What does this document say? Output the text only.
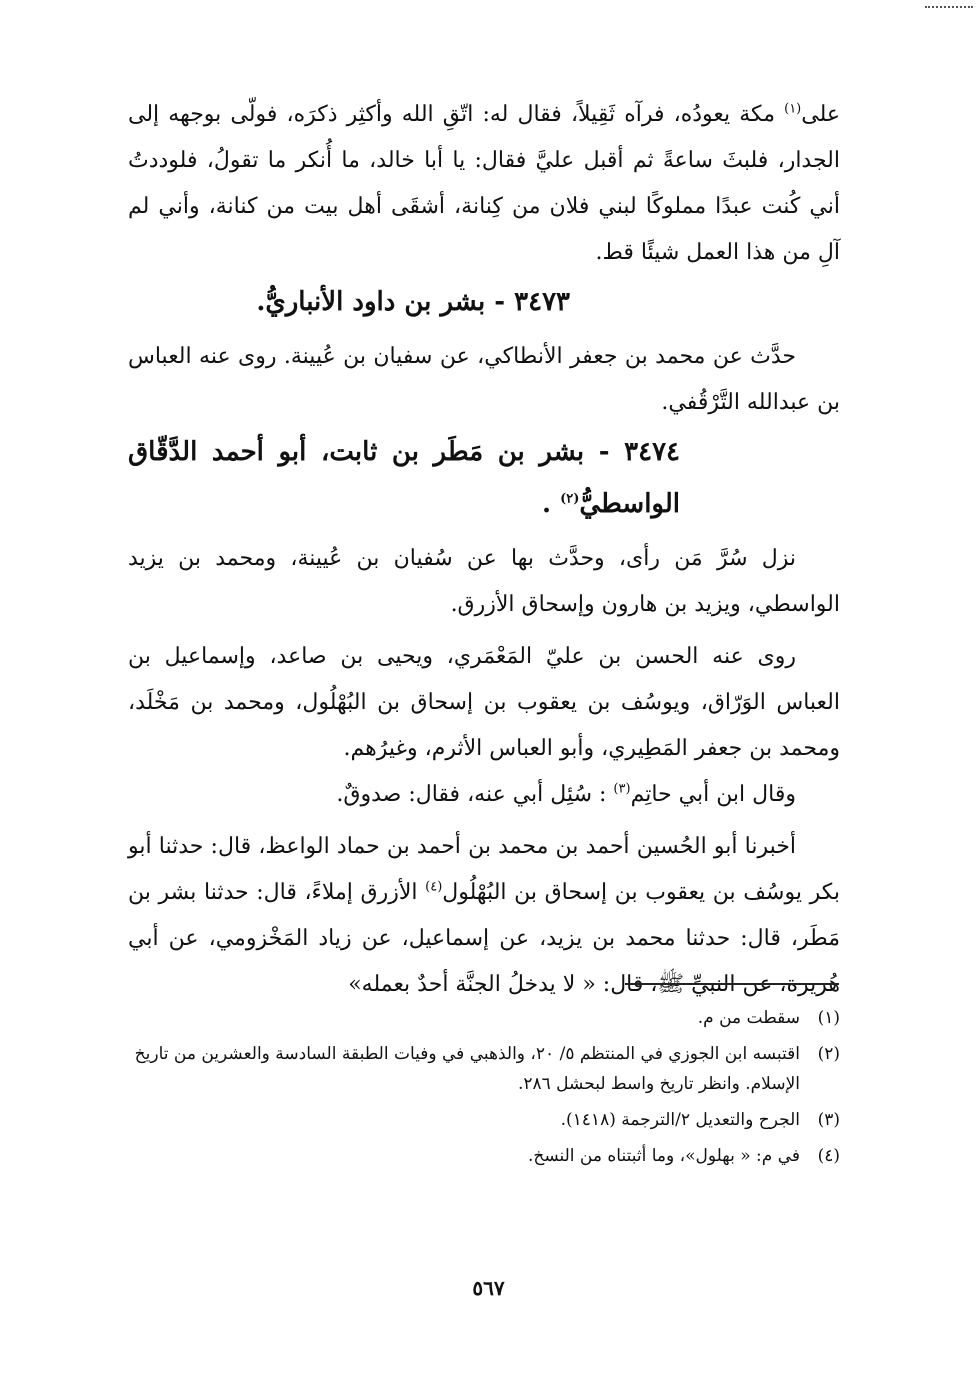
على$^{(١)}$ مكة يعودُه، فرآه ثَقِيلاً، فقال له: اتّقِ الله وأكثِر ذكرَه، فولّى بوجهه إلى الجدار، فلبثَ ساعةً ثم أقبل عليَّ فقال: يا أبا خالد، ما أُنكر ما تقولُ، فلوددتُ أني كُنت عبدًا مملوكًا لبني فلان من كِنانة، أشقَى أهل بيت من كنانة، وأني لم آلِ من هذا العمل شيئًا قط.

٣٤٧٣ - بشر بن داود الأنباريُّ.

حدَّث عن محمد بن جعفر الأنطاكي، عن سفيان بن عُيينة. روى عنه العباس بن عبدالله التَّرْقُفي.

٣٤٧٤ - بشر بن مَطَر بن ثابت، أبو أحمد الدَّقّاق الواسطيُّ$^{(٢)}$ .

نزل سُرَّ مَن رأى، وحدَّث بها عن سُفيان بن عُيينة، ومحمد بن يزيد الواسطي، ويزيد بن هارون وإسحاق الأزرق.

روى عنه الحسن بن عليّ المَعْمَري، ويحيى بن صاعد، وإسماعيل بن العباس الوَرّاق، ويوسُف بن يعقوب بن إسحاق بن البُهْلُول، ومحمد بن مَخْلَد، ومحمد بن جعفر المَطِيري، وأبو العباس الأثرم، وغيرُهم.

وقال ابن أبي حاتِم$^{(٣)}$ : سُئِل أبي عنه، فقال: صدوقٌ.

أخبرنا أبو الحُسين أحمد بن محمد بن أحمد بن حماد الواعظ، قال: حدثنا أبو بكر يوسُف بن يعقوب بن إسحاق بن البُهْلُول$^{(٤)}$ الأزرق إملاءً، قال: حدثنا بشر بن مَطَر، قال: حدثنا محمد بن يزيد، عن إسماعيل، عن زياد المَخْزومي، عن أبي هُريرة، عن النبيِّ ﷺ، قال: « لا يدخلُ الجنَّة أحدٌ بعمله»

(١)
سقطت من م.
(٢)
اقتبسه ابن الجوزي في المنتظم ٥/ ٢٠، والذهبي في وفيات الطبقة السادسة والعشرين من تاريخ الإسلام. وانظر تاريخ واسط لبحشل ٢٨٦.
(٣)
الجرح والتعديل ٢/الترجمة (١٤١٨).
(٤)
في م: « بهلول»، وما أثبتناه من النسخ.
٥٦٧
